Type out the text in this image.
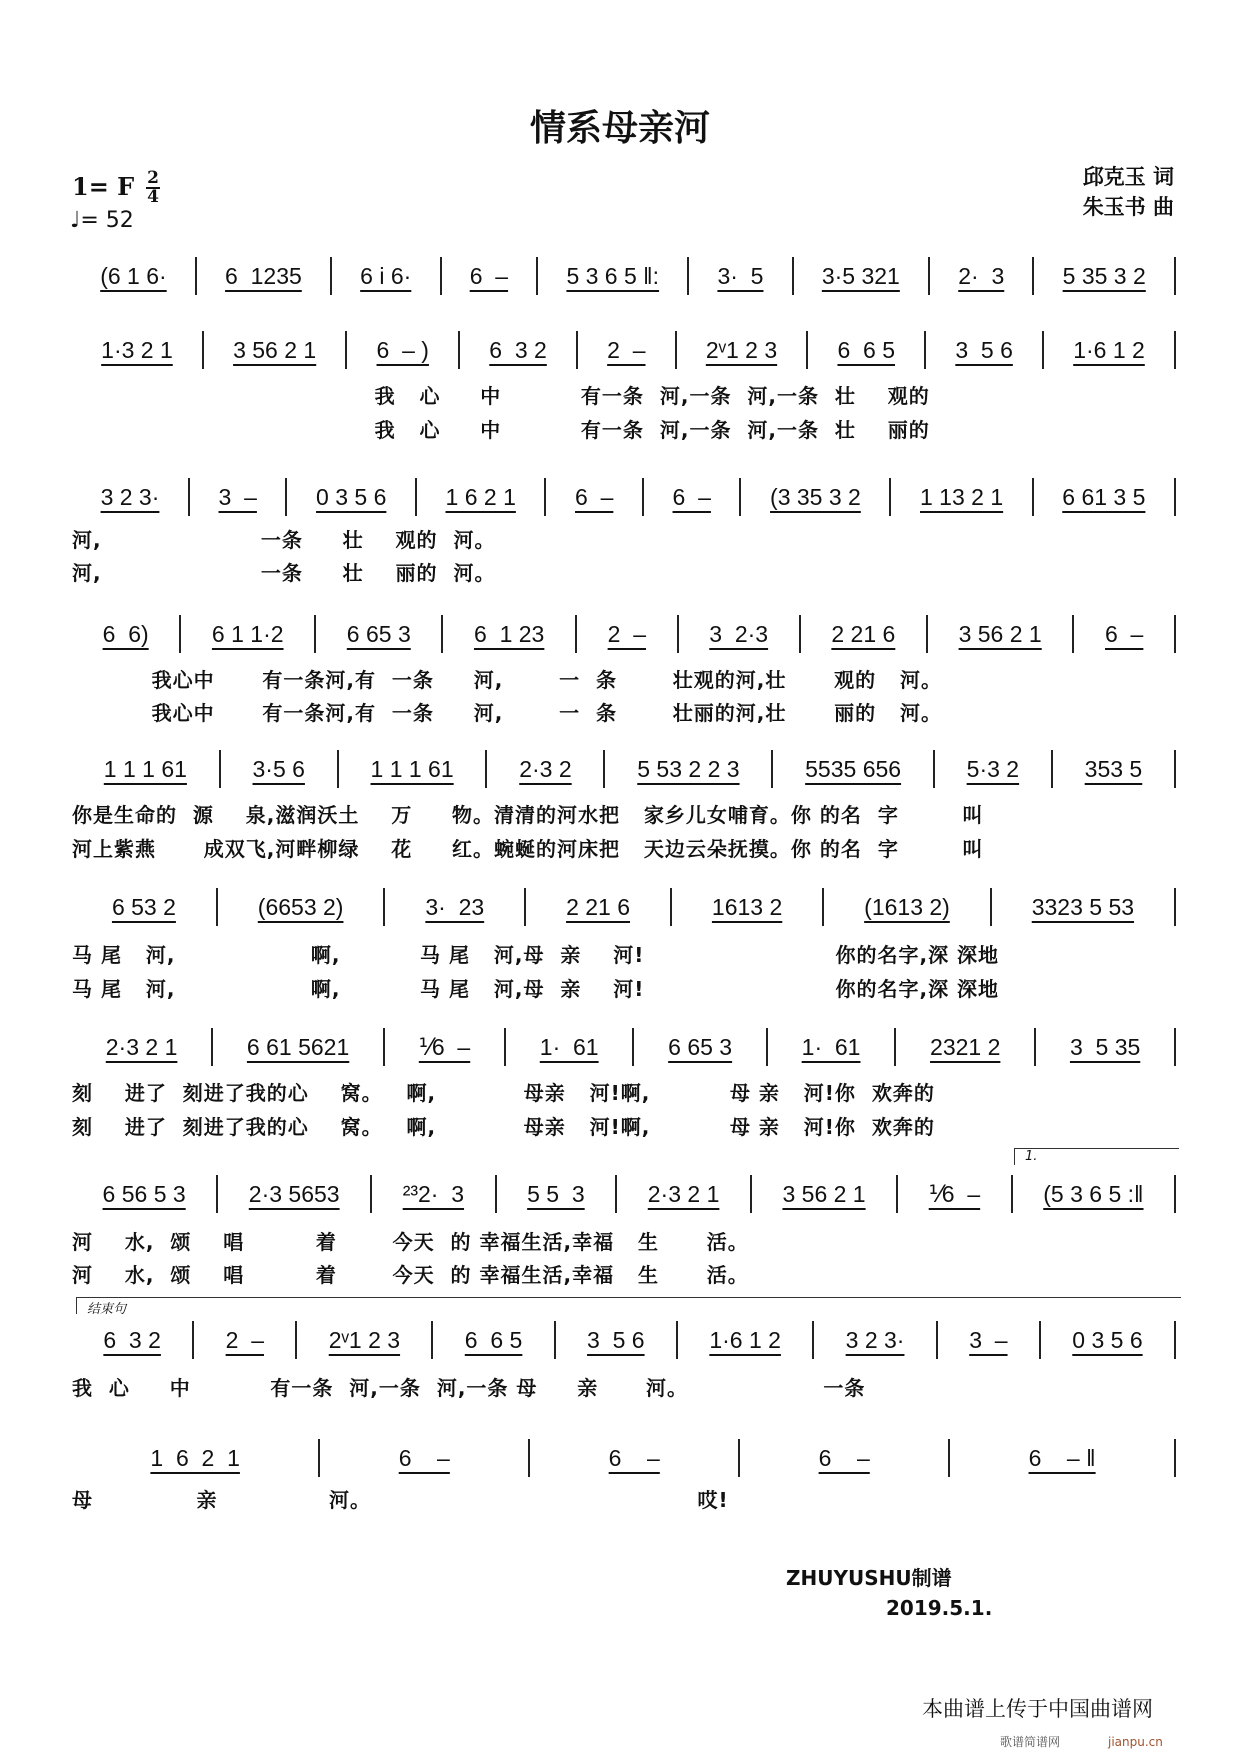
情系母亲河
1= F 2
4
♩= 52
邱克玉 词
朱玉书 曲
1.
结束句
(6 1 6·	6  1235	6 i 6·	6  –	5 3 6 5 ‖:	3·  5	3·5 321	2·  3	5 35 3 2
1·3 2 1	3 56 2 1	6  – )	6  3 2	2  –	2ᵛ1 2 3	6  6 5	3  5 6	1·6 1 2
我   心     中          有一条  河,一条  河,一条  壮    观的
我   心     中          有一条  河,一条  河,一条  壮    丽的
3 2 3·	3  –	0 3 5 6	1 6 2 1	6  –	6  –	(3 35 3 2	1 13 2 1	6 61 3 5
河,                    一条     壮    观的  河。
河,                    一条     壮    丽的  河。
6  6)	6 1 1·2	6 65 3	6  1 23	2  –	3  2·3	2 21 6	3 56 2 1	6  –
我心中      有一条河,有  一条     河,       一  条       壮观的河,壮      观的   河。
我心中      有一条河,有  一条     河,       一  条       壮丽的河,壮      丽的   河。
1 1 1 61	3·5 6	1 1 1 61	2·3 2	5 53 2 2 3	5535 656	5·3 2	353 5
你是生命的  源    泉,滋润沃土    万     物。清清的河水把   家乡儿女哺育。你 的名  字        叫
河上紫燕      成双飞,河畔柳绿    花     红。蜿蜒的河床把   天边云朵抚摸。你 的名  字        叫
6 53 2	(6653 2)	3·  23	2 21 6	1613 2	(1613 2)	3323 5 53
马 尾   河,                 啊,          马 尾   河,母  亲    河!                        你的名字,深 深地
马 尾   河,                 啊,          马 尾   河,母  亲    河!                        你的名字,深 深地
2·3 2 1	6 61 5621	⅟6  –	1·  61	6 65 3	1·  61	2321 2	3  5 35
刻    进了  刻进了我的心    窝。   啊,           母亲   河!啊,          母 亲   河!你  欢奔的
刻    进了  刻进了我的心    窝。   啊,           母亲   河!啊,          母 亲   河!你  欢奔的
6 56 5 3	2·3 5653	²³2·  3	5 5  3	2·3 2 1	3 56 2 1	⅟6  –	(5 3 6 5 :‖
河    水,  颂    唱         着       今天  的 幸福生活,幸福   生      活。
河    水,  颂    唱         着       今天  的 幸福生活,幸福   生      活。
6  3 2	2  –	2ᵛ1 2 3	6  6 5	3  5 6	1·6 1 2	3 2 3·	3  –	0 3 5 6
我  心     中          有一条  河,一条  河,一条 母     亲      河。                 一条
1  6  2  1	6    –	6    –	6    –	6    – ‖
母             亲              河。                                         哎!
ZHUYUSHU制谱
2019.5.1.
本曲谱上传于中国曲谱网
歌谱简谱网	jianpu.cn
